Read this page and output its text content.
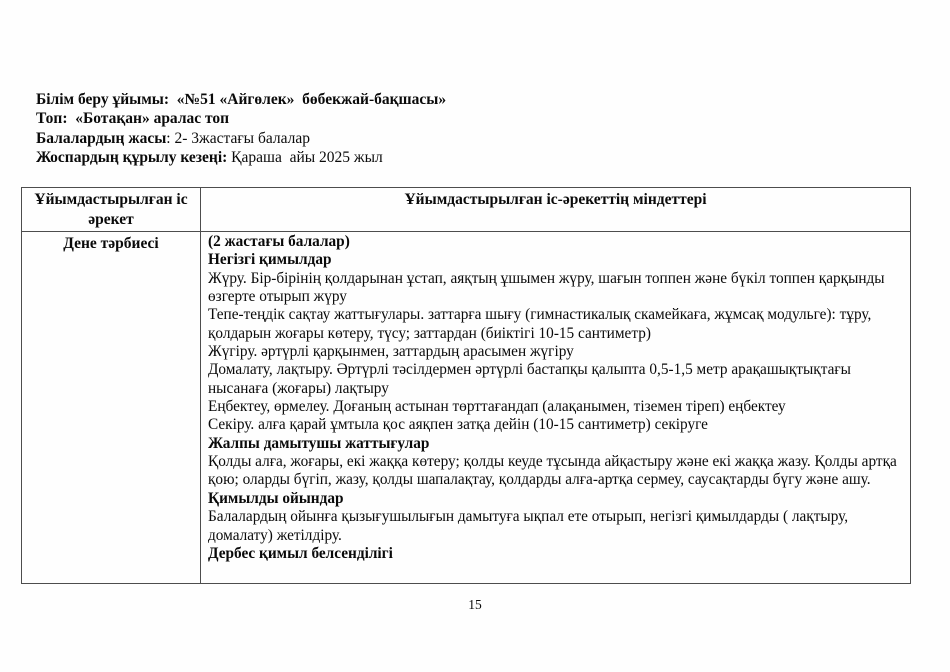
Білім беру ұйымы:  «№51 «Айгөлек»  бөбекжай-бақшасы»

Топ:  «Ботақан» аралас топ

Балалардың жасы: 2- 3жастағы балалар

Жоспардың құрылу кезеңі: Қараша  айы 2025 жыл

Ұйымдастырылған іс әрекет	Ұйымдастырылған іс-әрекеттің міндеттері
Дене тәрбиесі	(2 жастағы балалар)

Негізгі қимылдар

Жүру. Бір-бірінің қолдарынан ұстап, аяқтың ұшымен жүру, шағын топпен және бүкіл топпен қарқынды өзгерте отырып жүру

Тепе-теңдік сақтау жаттығулары. заттарға шығу (гимнастикалық скамейкаға, жұмсақ модульге): тұру, қолдарын жоғары көтеру, түсу; заттардан (биіктігі 10-15 сантиметр)

Жүгіру. әртүрлі қарқынмен, заттардың арасымен жүгіру

Домалату, лақтыру. Әртүрлі тәсілдермен әртүрлі бастапқы қалыпта 0,5-1,5 метр арақашықтықтағы нысанаға (жоғары) лақтыру

Еңбектеу, өрмелеу. Доғаның астынан төрттағандап (алақанымен, тіземен тіреп) еңбектеу

Секіру. алға қарай ұмтыла қос аяқпен затқа дейін (10-15 сантиметр) секіруге

Жалпы дамытушы жаттығулар

Қолды алға, жоғары, екі жаққа көтеру; қолды кеуде тұсында айқастыру және екі жаққа жазу. Қолды артқа қою; оларды бүгіп, жазу, қолды шапалақтау, қолдарды алға-артқа сермеу, саусақтарды бүгу және ашу.

Қимылды ойындар

Балалардың ойынға қызығушылығын дамытуға ықпал ете отырып, негізгі қимылдарды ( лақтыру, домалату) жетілдіру.

Дербес қимыл белсенділігі

15
